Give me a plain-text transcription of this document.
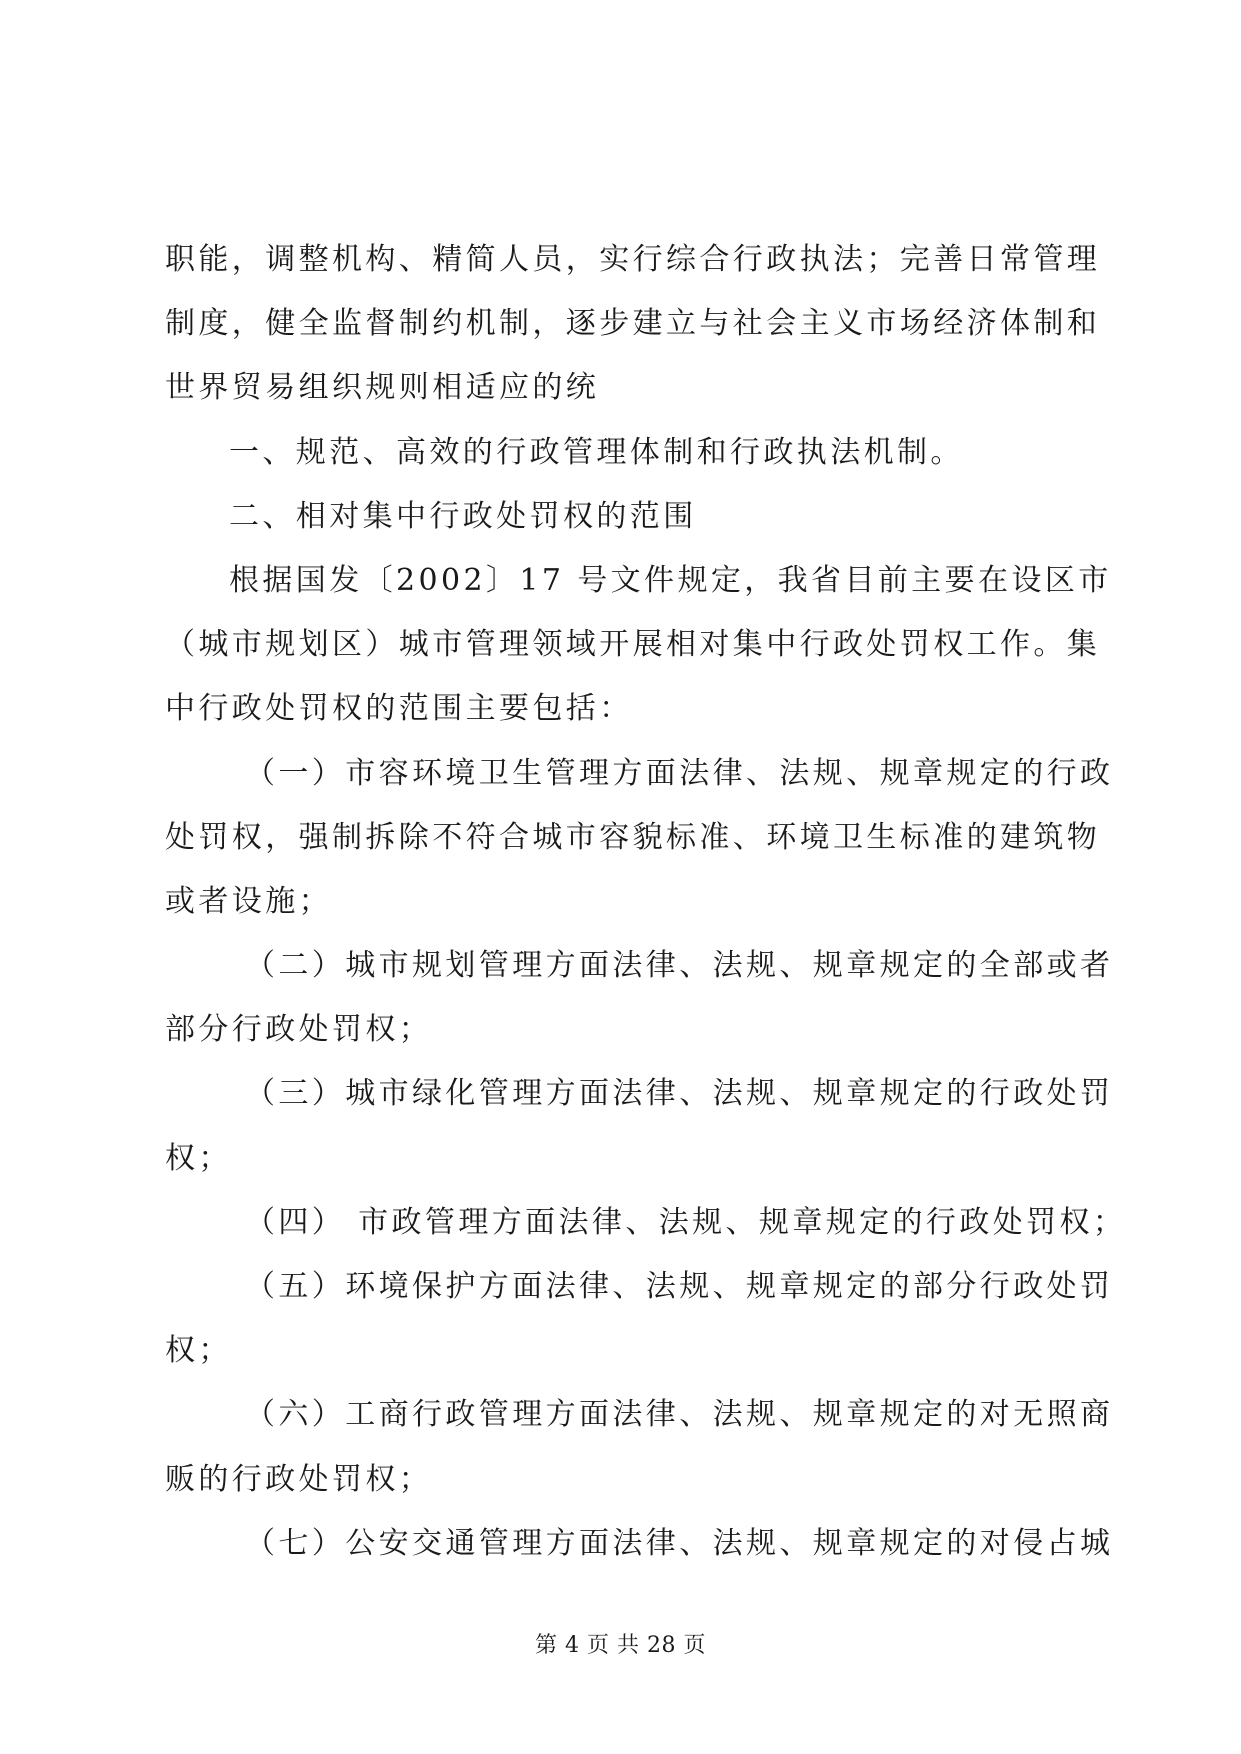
职能，调整机构、精简人员，实行综合行政执法；完善日常管理
制度，健全监督制约机制，逐步建立与社会主义市场经济体制和
世界贸易组织规则相适应的统
一、规范、高效的行政管理体制和行政执法机制。
二、相对集中行政处罚权的范围
根据国发〔2002〕17 号文件规定，我省目前主要在设区市
（城市规划区）城市管理领域开展相对集中行政处罚权工作。集
中行政处罚权的范围主要包括：
（一）市容环境卫生管理方面法律、法规、规章规定的行政
处罚权，强制拆除不符合城市容貌标准、环境卫生标准的建筑物
或者设施；
（二）城市规划管理方面法律、法规、规章规定的全部或者
部分行政处罚权；
（三）城市绿化管理方面法律、法规、规章规定的行政处罚
权；
（四） 市政管理方面法律、法规、规章规定的行政处罚权；
（五）环境保护方面法律、法规、规章规定的部分行政处罚
权；
（六）工商行政管理方面法律、法规、规章规定的对无照商
贩的行政处罚权；
（七）公安交通管理方面法律、法规、规章规定的对侵占城
第 4 页 共 28 页
